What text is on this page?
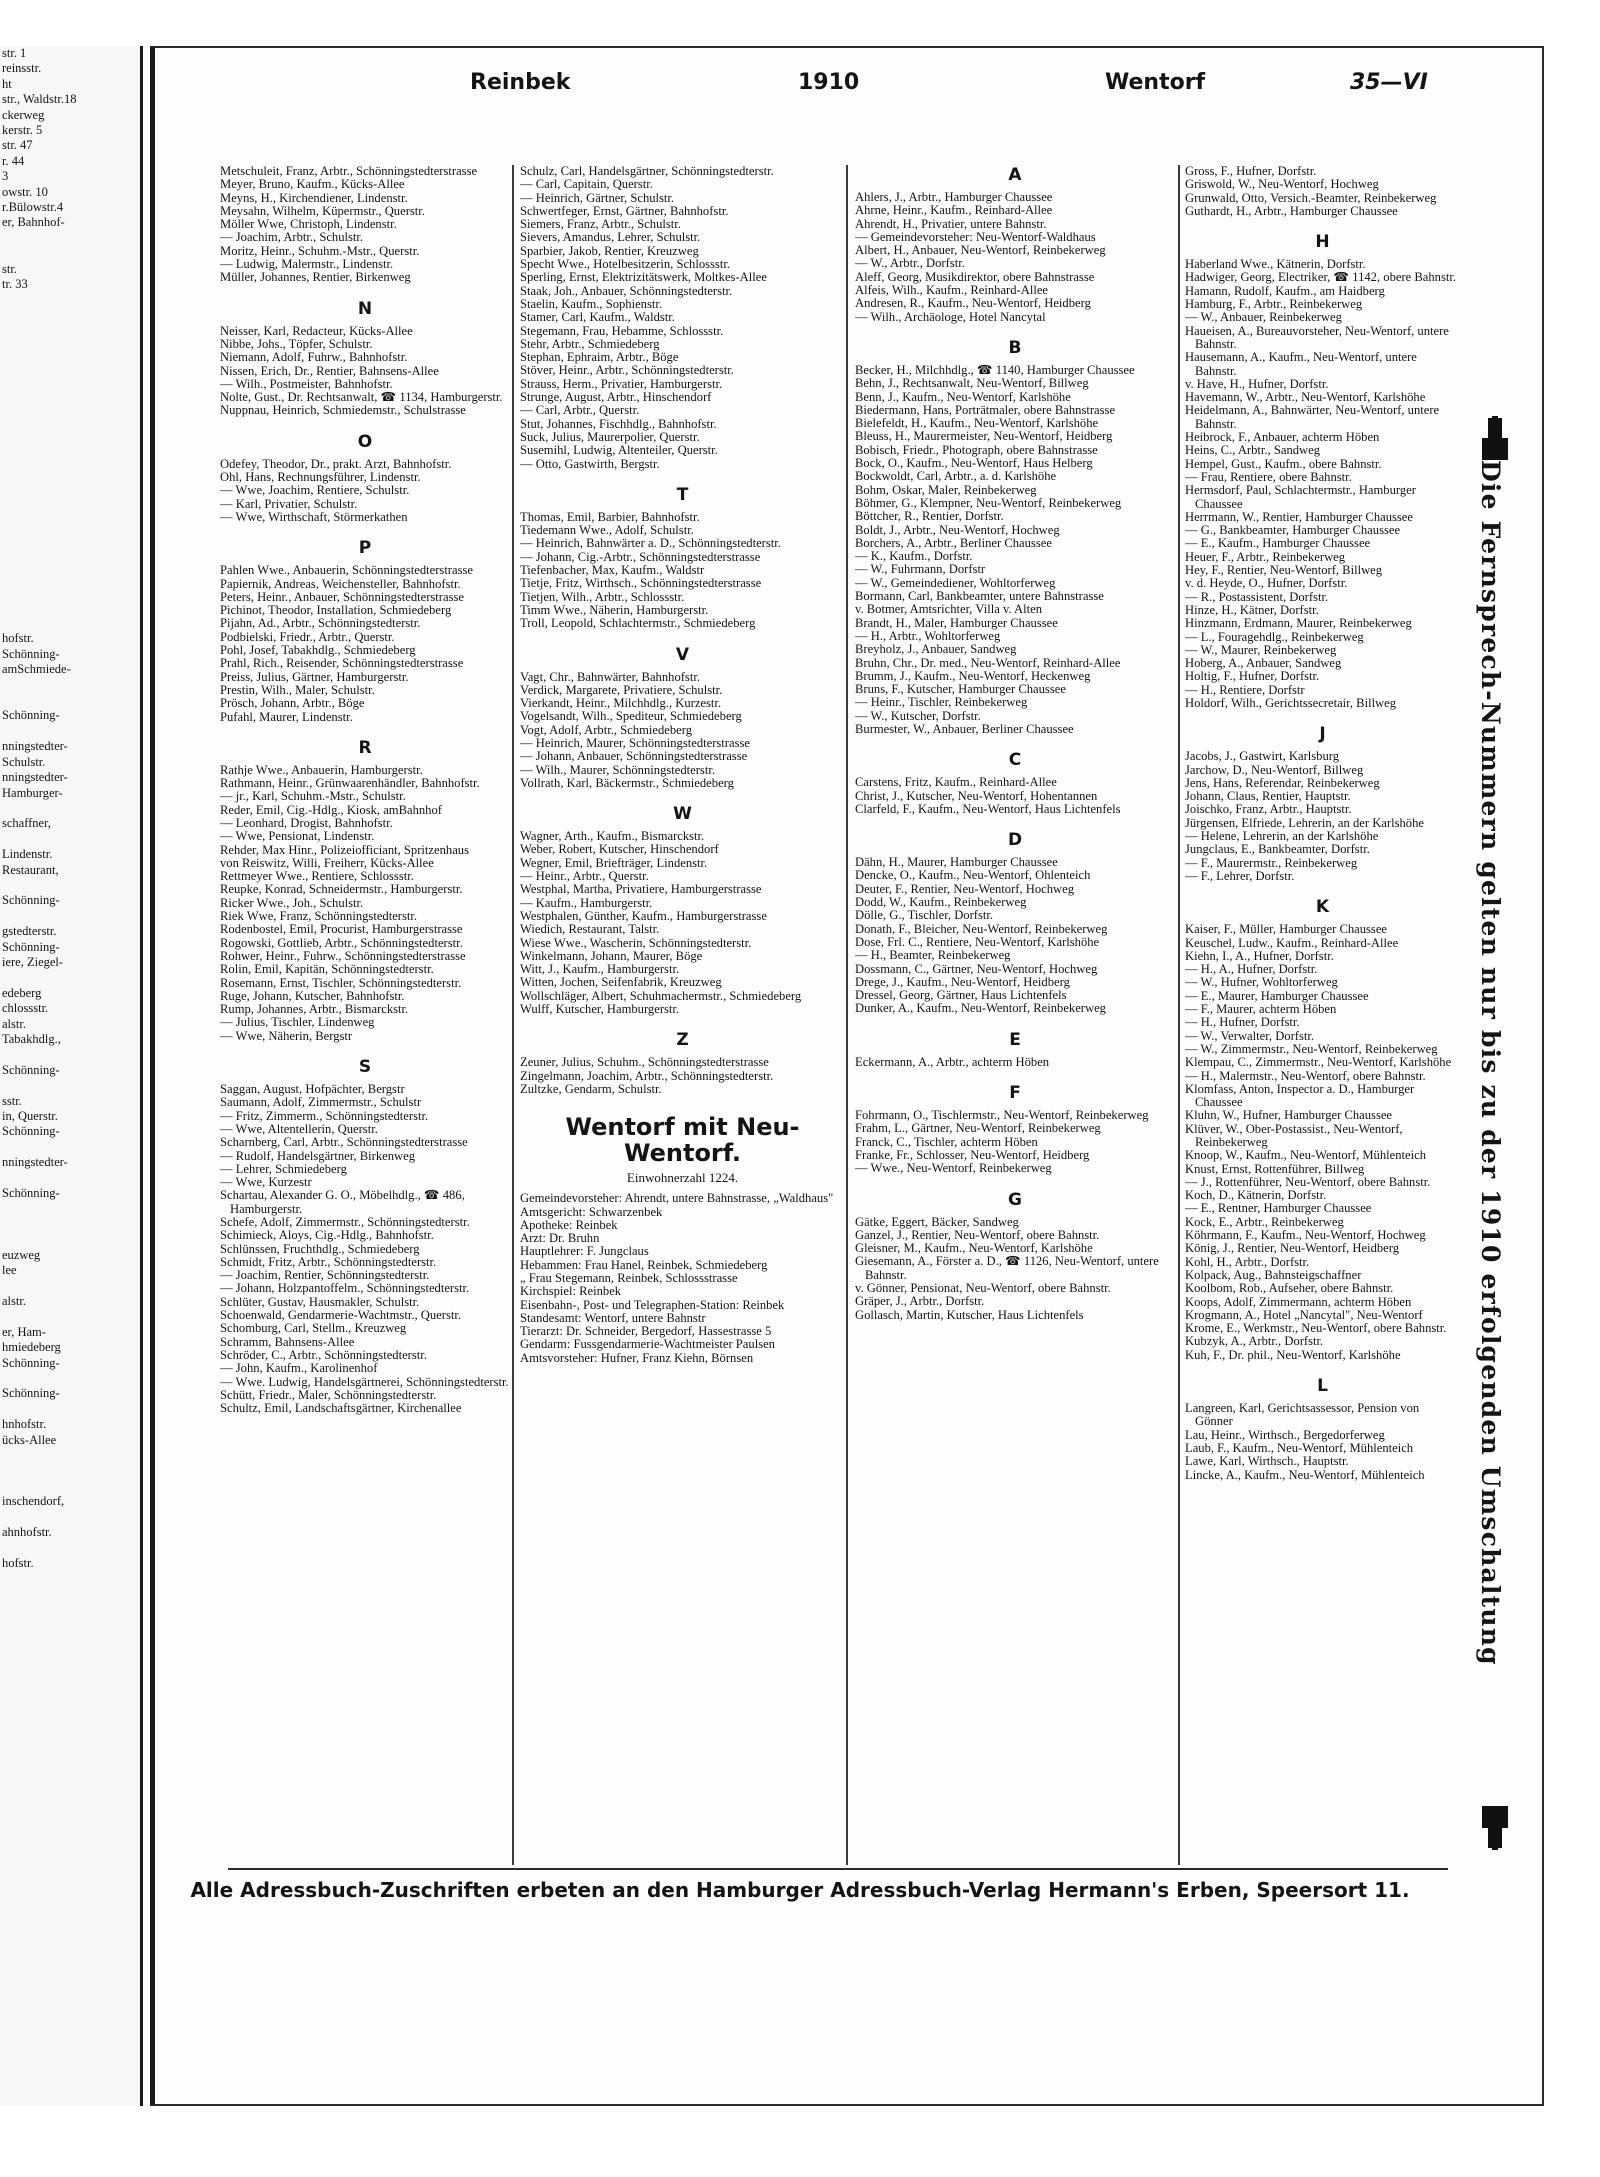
str. 1
reinsstr.
ht
str., Waldstr.18
ckerweg
kerstr. 5
str. 47
r. 44
3
owstr. 10
r.Bülowstr.4
er, Bahnhof-

str.
tr. 33

hofstr.
Schönning-
amSchmiede-

Schönning-

nningstedter-
Schulstr.
nningstedter-
Hamburger-

schaffner,

Lindenstr.
Restaurant,

Schönning-

gstedterstr.
Schönning-
iere, Ziegel-

edeberg
chlossstr.
alstr.
Tabakhdlg.,

Schönning-

sstr.
in, Querstr.
Schönning-

nningstedter-

Schönning-

euzweg
lee

alstr.

er, Ham-
hmiedeberg
Schönning-

Schönning-

hnhofstr.
ücks-Allee

inschendorf,

ahnhofstr.

hofstr.
Reinbek	1910	Wentorf	35—VI
Metschuleit, Franz, Arbtr., Schönningstedterstrasse
Meyer, Bruno, Kaufm., Kücks-Allee
Meyns, H., Kirchendiener, Lindenstr.
Meysahn, Wilhelm, Küpermstr., Querstr.
Möller Wwe, Christoph, Lindenstr.
— Joachim, Arbtr., Schulstr.
Moritz, Heinr., Schuhm.-Mstr., Querstr.
— Ludwig, Malermstr., Lindenstr.
Müller, Johannes, Rentier, Birkenweg
N
Neisser, Karl, Redacteur, Kücks-Allee
Nibbe, Johs., Töpfer, Schulstr.
Niemann, Adolf, Fuhrw., Bahnhofstr.
Nissen, Erich, Dr., Rentier, Bahnsens-Allee
— Wilh., Postmeister, Bahnhofstr.
Nolte, Gust., Dr. Rechtsanwalt, ☎ 1134, Hamburgerstr.
Nuppnau, Heinrich, Schmiedemstr., Schulstrasse
O
Odefey, Theodor, Dr., prakt. Arzt, Bahnhofstr.
Ohl, Hans, Rechnungsführer, Lindenstr.
— Wwe, Joachim, Rentiere, Schulstr.
— Karl, Privatier, Schulstr.
— Wwe, Wirthschaft, Störmerkathen
P
Pahlen Wwe., Anbauerin, Schönningstedterstrasse
Papiernik, Andreas, Weichensteller, Bahnhofstr.
Peters, Heinr., Anbauer, Schönningstedterstrasse
Pichinot, Theodor, Installation, Schmiedeberg
Pijahn, Ad., Arbtr., Schönningstedterstr.
Podbielski, Friedr., Arbtr., Querstr.
Pohl, Josef, Tabakhdlg., Schmiedeberg
Prahl, Rich., Reisender, Schönningstedterstrasse
Preiss, Julius, Gärtner, Hamburgerstr.
Prestin, Wilh., Maler, Schulstr.
Prösch, Johann, Arbtr., Böge
Pufahl, Maurer, Lindenstr.
R
Rathje Wwe., Anbauerin, Hamburgerstr.
Rathmann, Heinr., Grünwaarenhändler, Bahnhofstr.
— jr., Karl, Schuhm.-Mstr., Schulstr.
Reder, Emil, Cig.-Hdlg., Kiosk, amBahnhof
— Leonhard, Drogist, Bahnhofstr.
— Wwe, Pensionat, Lindenstr.
Rehder, Max Hinr., Polizeiofficiant, Spritzenhaus
von Reiswitz, Willi, Freiherr, Kücks-Allee
Rettmeyer Wwe., Rentiere, Schlossstr.
Reupke, Konrad, Schneidermstr., Hamburgerstr.
Ricker Wwe., Joh., Schulstr.
Riek Wwe, Franz, Schönningstedterstr.
Rodenbostel, Emil, Procurist, Hamburgerstrasse
Rogowski, Gottlieb, Arbtr., Schönningstedterstr.
Rohwer, Heinr., Fuhrw., Schönningstedterstrasse
Rolin, Emil, Kapitän, Schönningstedterstr.
Rosemann, Ernst, Tischler, Schönningstedterstr.
Ruge, Johann, Kutscher, Bahnhofstr.
Rump, Johannes, Arbtr., Bismarckstr.
— Julius, Tischler, Lindenweg
— Wwe, Näherin, Bergstr
S
Saggan, August, Hofpächter, Bergstr
Saumann, Adolf, Zimmermstr., Schulstr
— Fritz, Zimmerm., Schönningstedterstr.
— Wwe, Altentellerin, Querstr.
Scharnberg, Carl, Arbtr., Schönningstedterstrasse
— Rudolf, Handelsgärtner, Birkenweg
— Lehrer, Schmiedeberg
— Wwe, Kurzestr
Schartau, Alexander G. O., Möbelhdlg., ☎ 486, Hamburgerstr.
Schefe, Adolf, Zimmermstr., Schönningstedterstr.
Schimieck, Aloys, Cig.-Hdlg., Bahnhofstr.
Schlünssen, Fruchthdlg., Schmiedeberg
Schmidt, Fritz, Arbtr., Schönningstedterstr.
— Joachim, Rentier, Schönningstedterstr.
— Johann, Holzpantoffelm., Schönningstedterstr.
Schlüter, Gustav, Hausmakler, Schulstr.
Schoenwald, Gendarmerie-Wachtmstr., Querstr.
Schomburg, Carl, Stellm., Kreuzweg
Schramm, Bahnsens-Allee
Schröder, C., Arbtr., Schönningstedterstr.
— John, Kaufm., Karolinenhof
— Wwe. Ludwig, Handelsgärtnerei, Schönningstedterstr.
Schütt, Friedr., Maler, Schönningstedterstr.
Schultz, Emil, Landschaftsgärtner, Kirchenallee
Schulz, Carl, Handelsgärtner, Schönningstedterstr.
— Carl, Capitain, Querstr.
— Heinrich, Gärtner, Schulstr.
Schwertfeger, Ernst, Gärtner, Bahnhofstr.
Siemers, Franz, Arbtr., Schulstr.
Sievers, Amandus, Lehrer, Schulstr.
Sparbier, Jakob, Rentier, Kreuzweg
Specht Wwe., Hotelbesitzerin, Schlossstr.
Sperling, Ernst, Elektrizitätswerk, Moltkes-Allee
Staak, Joh., Anbauer, Schönningstedterstr.
Staelin, Kaufm., Sophienstr.
Stamer, Carl, Kaufm., Waldstr.
Stegemann, Frau, Hebamme, Schlossstr.
Stehr, Arbtr., Schmiedeberg
Stephan, Ephraim, Arbtr., Böge
Stöver, Heinr., Arbtr., Schönningstedterstr.
Strauss, Herm., Privatier, Hamburgerstr.
Strunge, August, Arbtr., Hinschendorf
— Carl, Arbtr., Querstr.
Stut, Johannes, Fischhdlg., Bahnhofstr.
Suck, Julius, Maurerpolier, Querstr.
Susemihl, Ludwig, Altenteiler, Querstr.
— Otto, Gastwirth, Bergstr.
T
Thomas, Emil, Barbier, Bahnhofstr.
Tiedemann Wwe., Adolf, Schulstr.
— Heinrich, Bahnwärter a. D., Schönningstedterstr.
— Johann, Cig.-Arbtr., Schönningstedterstrasse
Tiefenbacher, Max, Kaufm., Waldstr
Tietje, Fritz, Wirthsch., Schönningstedterstrasse
Tietjen, Wilh., Arbtr., Schlossstr.
Timm Wwe., Näherin, Hamburgerstr.
Troll, Leopold, Schlachtermstr., Schmiedeberg
V
Vagt, Chr., Bahnwärter, Bahnhofstr.
Verdick, Margarete, Privatiere, Schulstr.
Vierkandt, Heinr., Milchhdlg., Kurzestr.
Vogelsandt, Wilh., Spediteur, Schmiedeberg
Vogt, Adolf, Arbtr., Schmiedeberg
— Heinrich, Maurer, Schönningstedterstrasse
— Johann, Anbauer, Schönningstedterstrasse
— Wilh., Maurer, Schönningstedterstr.
Vollrath, Karl, Bäckermstr., Schmiedeberg
W
Wagner, Arth., Kaufm., Bismarckstr.
Weber, Robert, Kutscher, Hinschendorf
Wegner, Emil, Briefträger, Lindenstr.
— Heinr., Arbtr., Querstr.
Westphal, Martha, Privatiere, Hamburgerstrasse
— Kaufm., Hamburgerstr.
Westphalen, Günther, Kaufm., Hamburgerstrasse
Wiedich, Restaurant, Talstr.
Wiese Wwe., Wascherin, Schönningstedterstr.
Winkelmann, Johann, Maurer, Böge
Witt, J., Kaufm., Hamburgerstr.
Witten, Jochen, Seifenfabrik, Kreuzweg
Wollschläger, Albert, Schuhmachermstr., Schmiedeberg
Wulff, Kutscher, Hamburgerstr.
Z
Zeuner, Julius, Schuhm., Schönningstedterstrasse
Zingelmann, Joachim, Arbtr., Schönningstedterstr.
Zultzke, Gendarm, Schulstr.
Wentorf mit Neu-Wentorf.
Einwohnerzahl 1224.
Gemeindevorsteher: Ahrendt, untere Bahnstrasse, „Waldhaus"
Amtsgericht: Schwarzenbek
Apotheke: Reinbek
Arzt: Dr. Bruhn
Hauptlehrer: F. Jungclaus
Hebammen: Frau Hanel, Reinbek, Schmiedeberg
„ Frau Stegemann, Reinbek, Schlossstrasse
Kirchspiel: Reinbek
Eisenbahn-, Post- und Telegraphen-Station: Reinbek
Standesamt: Wentorf, untere Bahnstr
Tierarzt: Dr. Schneider, Bergedorf, Hassestrasse 5
Gendarm: Fussgendarmerie-Wachtmeister Paulsen
Amtsvorsteher: Hufner, Franz Kiehn, Börnsen
A
Ahlers, J., Arbtr., Hamburger Chaussee
Ahrne, Heinr., Kaufm., Reinhard-Allee
Ahrendt, H., Privatier, untere Bahnstr.
— Gemeindevorsteher: Neu-Wentorf-Waldhaus
Albert, H., Anbauer, Neu-Wentorf, Reinbekerweg
— W., Arbtr., Dorfstr.
Aleff, Georg, Musikdirektor, obere Bahnstrasse
Alfeis, Wilh., Kaufm., Reinhard-Allee
Andresen, R., Kaufm., Neu-Wentorf, Heidberg
— Wilh., Archäologe, Hotel Nancytal
B
Becker, H., Milchhdlg., ☎ 1140, Hamburger Chaussee
Behn, J., Rechtsanwalt, Neu-Wentorf, Billweg
Benn, J., Kaufm., Neu-Wentorf, Karlshöhe
Biedermann, Hans, Porträtmaler, obere Bahnstrasse
Bielefeldt, H., Kaufm., Neu-Wentorf, Karlshöhe
Bleuss, H., Maurermeister, Neu-Wentorf, Heidberg
Bobisch, Friedr., Photograph, obere Bahnstrasse
Bock, O., Kaufm., Neu-Wentorf, Haus Helberg
Bockwoldt, Carl, Arbtr., a. d. Karlshöhe
Bohm, Oskar, Maler, Reinbekerweg
Böhmer, G., Klempner, Neu-Wentorf, Reinbekerweg
Böttcher, R., Rentier, Dorfstr.
Boldt, J., Arbtr., Neu-Wentorf, Hochweg
Borchers, A., Arbtr., Berliner Chaussee
— K., Kaufm., Dorfstr.
— W., Fuhrmann, Dorfstr
— W., Gemeindediener, Wohltorferweg
Bormann, Carl, Bankbeamter, untere Bahnstrasse
v. Botmer, Amtsrichter, Villa v. Alten
Brandt, H., Maler, Hamburger Chaussee
— H., Arbtr., Wohltorferweg
Breyholz, J., Anbauer, Sandweg
Bruhn, Chr., Dr. med., Neu-Wentorf, Reinhard-Allee
Brumm, J., Kaufm., Neu-Wentorf, Heckenweg
Bruns, F., Kutscher, Hamburger Chaussee
— Heinr., Tischler, Reinbekerweg
— W., Kutscher, Dorfstr.
Burmester, W., Anbauer, Berliner Chaussee
C
Carstens, Fritz, Kaufm., Reinhard-Allee
Christ, J., Kutscher, Neu-Wentorf, Hohentannen
Clarfeld, F., Kaufm., Neu-Wentorf, Haus Lichtenfels
D
Dähn, H., Maurer, Hamburger Chaussee
Dencke, O., Kaufm., Neu-Wentorf, Ohlenteich
Deuter, F., Rentier, Neu-Wentorf, Hochweg
Dodd, W., Kaufm., Reinbekerweg
Dölle, G., Tischler, Dorfstr.
Donath, F., Bleicher, Neu-Wentorf, Reinbekerweg
Dose, Frl. C., Rentiere, Neu-Wentorf, Karlshöhe
— H., Beamter, Reinbekerweg
Dossmann, C., Gärtner, Neu-Wentorf, Hochweg
Drege, J., Kaufm., Neu-Wentorf, Heidberg
Dressel, Georg, Gärtner, Haus Lichtenfels
Dunker, A., Kaufm., Neu-Wentorf, Reinbekerweg
E
Eckermann, A., Arbtr., achterm Höben
F
Fohrmann, O., Tischlermstr., Neu-Wentorf, Reinbekerweg
Frahm, L., Gärtner, Neu-Wentorf, Reinbekerweg
Franck, C., Tischler, achterm Höben
Franke, Fr., Schlosser, Neu-Wentorf, Heidberg
— Wwe., Neu-Wentorf, Reinbekerweg
G
Gätke, Eggert, Bäcker, Sandweg
Ganzel, J., Rentier, Neu-Wentorf, obere Bahnstr.
Gleisner, M., Kaufm., Neu-Wentorf, Karlshöhe
Giesemann, A., Förster a. D., ☎ 1126, Neu-Wentorf, untere Bahnstr.
v. Gönner, Pensionat, Neu-Wentorf, obere Bahnstr.
Gräper, J., Arbtr., Dorfstr.
Gollasch, Martin, Kutscher, Haus Lichtenfels
Gross, F., Hufner, Dorfstr.
Griswold, W., Neu-Wentorf, Hochweg
Grunwald, Otto, Versich.-Beamter, Reinbekerweg
Guthardt, H., Arbtr., Hamburger Chaussee
H
Haberland Wwe., Kätnerin, Dorfstr.
Hadwiger, Georg, Electriker, ☎ 1142, obere Bahnstr.
Hamann, Rudolf, Kaufm., am Haidberg
Hamburg, F., Arbtr., Reinbekerweg
— W., Anbauer, Reinbekerweg
Haueisen, A., Bureauvorsteher, Neu-Wentorf, untere Bahnstr.
Hausemann, A., Kaufm., Neu-Wentorf, untere Bahnstr.
v. Have, H., Hufner, Dorfstr.
Havemann, W., Arbtr., Neu-Wentorf, Karlshöhe
Heidelmann, A., Bahnwärter, Neu-Wentorf, untere Bahnstr.
Heibrock, F., Anbauer, achterm Höben
Heins, C., Arbtr., Sandweg
Hempel, Gust., Kaufm., obere Bahnstr.
— Frau, Rentiere, obere Bahnstr.
Hermsdorf, Paul, Schlachtermstr., Hamburger Chaussee
Herrmann, W., Rentier, Hamburger Chaussee
— G., Bankbeamter, Hamburger Chaussee
— E., Kaufm., Hamburger Chaussee
Heuer, F., Arbtr., Reinbekerweg
Hey, F., Rentier, Neu-Wentorf, Billweg
v. d. Heyde, O., Hufner, Dorfstr.
— R., Postassistent, Dorfstr.
Hinze, H., Kätner, Dorfstr.
Hinzmann, Erdmann, Maurer, Reinbekerweg
— L., Fouragehdlg., Reinbekerweg
— W., Maurer, Reinbekerweg
Hoberg, A., Anbauer, Sandweg
Holtig, F., Hufner, Dorfstr.
— H., Rentiere, Dorfstr
Holdorf, Wilh., Gerichtssecretair, Billweg
J
Jacobs, J., Gastwirt, Karlsburg
Jarchow, D., Neu-Wentorf, Billweg
Jens, Hans, Referendar, Reinbekerweg
Johann, Claus, Rentier, Hauptstr.
Joischko, Franz, Arbtr., Hauptstr.
Jürgensen, Elfriede, Lehrerin, an der Karlshöhe
— Helene, Lehrerin, an der Karlshöhe
Jungclaus, E., Bankbeamter, Dorfstr.
— F., Maurermstr., Reinbekerweg
— F., Lehrer, Dorfstr.
K
Kaiser, F., Müller, Hamburger Chaussee
Keuschel, Ludw., Kaufm., Reinhard-Allee
Kiehn, I., A., Hufner, Dorfstr.
— H., A., Hufner, Dorfstr.
— W., Hufner, Wohltorferweg
— E., Maurer, Hamburger Chaussee
— F., Maurer, achterm Höben
— H., Hufner, Dorfstr.
— W., Verwalter, Dorfstr.
— W., Zimmermstr., Neu-Wentorf, Reinbekerweg
Klempau, C., Zimmermstr., Neu-Wentorf, Karlshöhe
— H., Malermstr., Neu-Wentorf, obere Bahnstr.
Klomfass, Anton, Inspector a. D., Hamburger Chaussee
Kluhn, W., Hufner, Hamburger Chaussee
Klüver, W., Ober-Postassist., Neu-Wentorf, Reinbekerweg
Knoop, W., Kaufm., Neu-Wentorf, Mühlenteich
Knust, Ernst, Rottenführer, Billweg
— J., Rottenführer, Neu-Wentorf, obere Bahnstr.
Koch, D., Kätnerin, Dorfstr.
— E., Rentner, Hamburger Chaussee
Kock, E., Arbtr., Reinbekerweg
Köhrmann, F., Kaufm., Neu-Wentorf, Hochweg
König, J., Rentier, Neu-Wentorf, Heidberg
Kohl, H., Arbtr., Dorfstr.
Kolpack, Aug., Bahnsteigschaffner
Koolbom, Rob., Aufseher, obere Bahnstr.
Koops, Adolf, Zimmermann, achterm Höben
Krogmann, A., Hotel „Nancytal", Neu-Wentorf
Krome, E., Werkmstr., Neu-Wentorf, obere Bahnstr.
Kubzyk, A., Arbtr., Dorfstr.
Kuh, F., Dr. phil., Neu-Wentorf, Karlshöhe
L
Langreen, Karl, Gerichtsassessor, Pension von Gönner
Lau, Heinr., Wirthsch., Bergedorferweg
Laub, F., Kaufm., Neu-Wentorf, Mühlenteich
Lawe, Karl, Wirthsch., Hauptstr.
Lincke, A., Kaufm., Neu-Wentorf, Mühlenteich	Die Fernsprech-Nummern gelten nur bis zu der 1910 erfolgenden Umschaltung
Alle Adressbuch-Zuschriften erbeten an den Hamburger Adressbuch-Verlag Hermann's Erben, Speersort 11.
